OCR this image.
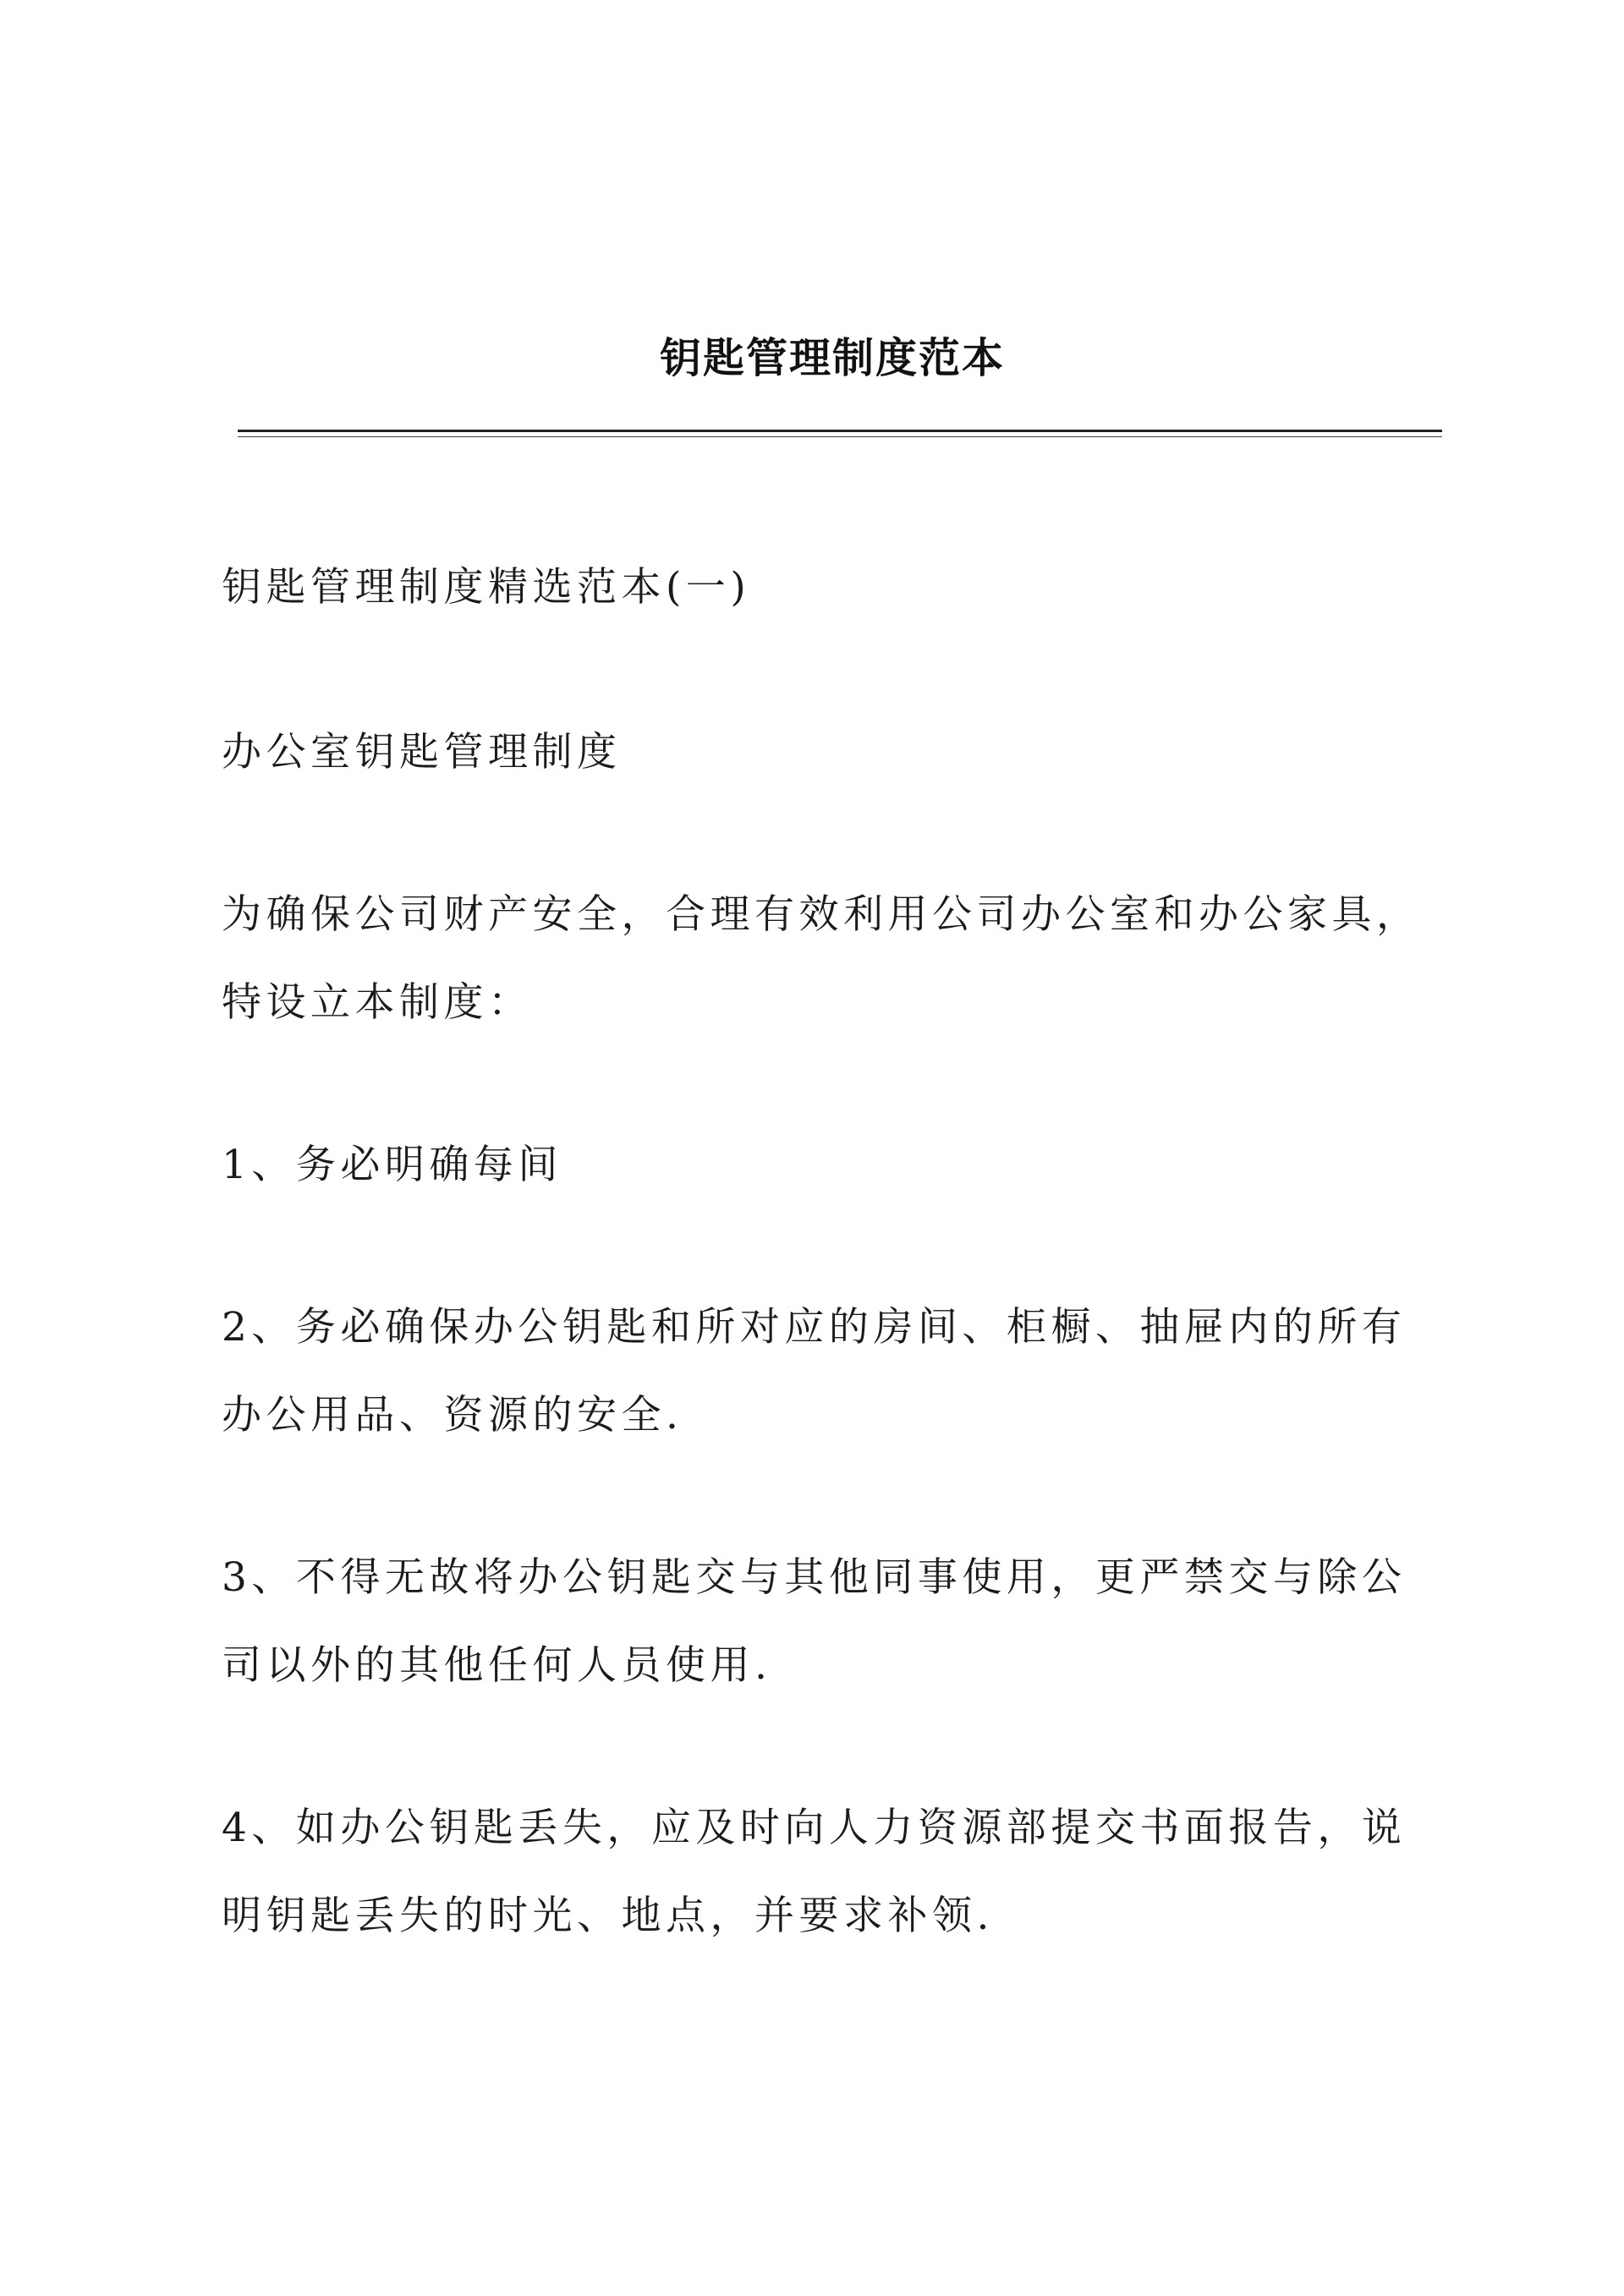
钥匙管理制度范本

钥匙管理制度精选范本(一)

办公室钥匙管理制度

为确保公司财产安全，合理有效利用公司办公室和办公家具，特设立本制度：

1、务必明确每间

2、务必确保办公钥匙和所对应的房间、柜橱、抽屉内的所有办公用品、资源的安全.

3、不得无故将办公钥匙交与其他同事使用，更严禁交与除公司以外的其他任何人员使用.

4、如办公钥匙丢失，应及时向人力资源部提交书面报告，说明钥匙丢失的时光、地点，并要求补领.
